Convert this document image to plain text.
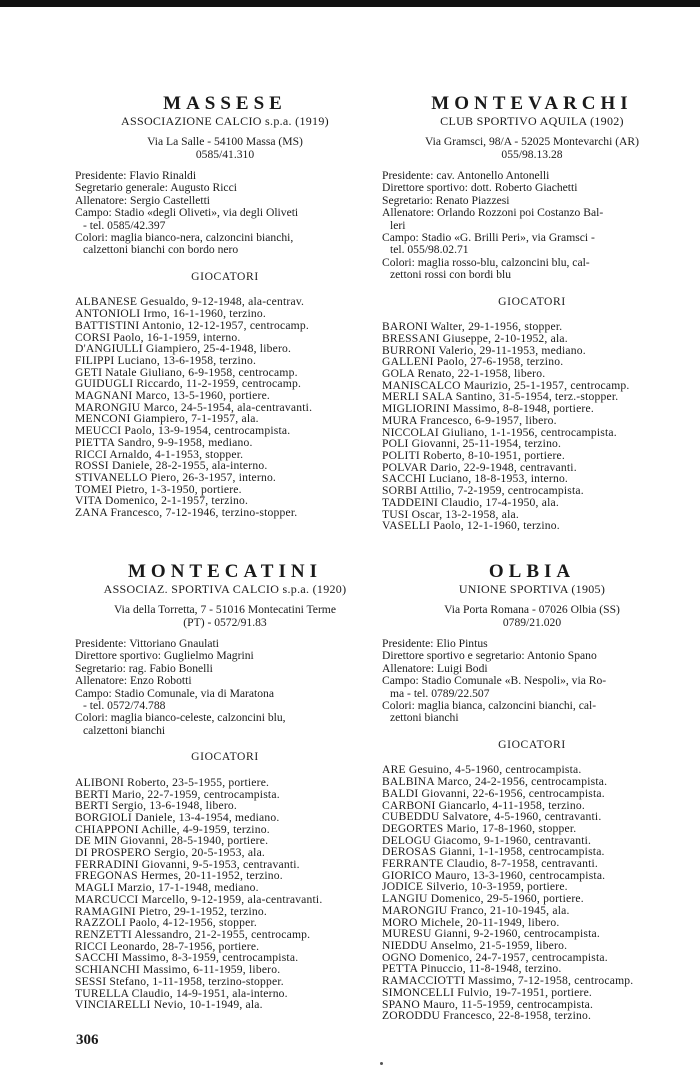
MASSESE
ASSOCIAZIONE CALCIO s.p.a. (1919)
Via La Salle - 54100 Massa (MS)
0585/41.310
Presidente: Flavio Rinaldi
Segretario generale: Augusto Ricci
Allenatore: Sergio Castelletti
Campo: Stadio «degli Oliveti», via degli Oliveti
- tel. 0585/42.397
Colori: maglia bianco-nera, calzoncini bianchi,
calzettoni bianchi con bordo nero
GIOCATORI
ALBANESE Gesualdo, 9-12-1948, ala-centrav.
ANTONIOLI Irmo, 16-1-1960, terzino.
BATTISTINI Antonio, 12-12-1957, centrocamp.
CORSI Paolo, 16-1-1959, interno.
D'ANGIULLI Giampiero, 25-4-1948, libero.
FILIPPI Luciano, 13-6-1958, terzino.
GETI Natale Giuliano, 6-9-1958, centrocamp.
GUIDUGLI Riccardo, 11-2-1959, centrocamp.
MAGNANI Marco, 13-5-1960, portiere.
MARONGIU Marco, 24-5-1954, ala-centravanti.
MENCONI Giampiero, 7-1-1957, ala.
MEUCCI Paolo, 13-9-1954, centrocampista.
PIETTA Sandro, 9-9-1958, mediano.
RICCI Arnaldo, 4-1-1953, stopper.
ROSSI Daniele, 28-2-1955, ala-interno.
STIVANELLO Piero, 26-3-1957, interno.
TOMEI Pietro, 1-3-1950, portiere.
VITA Domenico, 2-1-1957, terzino.
ZANA Francesco, 7-12-1946, terzino-stopper.
MONTEVARCHI
CLUB SPORTIVO AQUILA (1902)
Via Gramsci, 98/A - 52025 Montevarchi (AR)
055/98.13.28
Presidente: cav. Antonello Antonelli
Direttore sportivo: dott. Roberto Giachetti
Segretario: Renato Piazzesi
Allenatore: Orlando Rozzoni poi Costanzo Bal-
leri
Campo: Stadio «G. Brilli Peri», via Gramsci -
tel. 055/98.02.71
Colori: maglia rosso-blu, calzoncini blu, cal-
zettoni rossi con bordi blu
GIOCATORI
BARONI Walter, 29-1-1956, stopper.
BRESSANI Giuseppe, 2-10-1952, ala.
BURRONI Valerio, 29-11-1953, mediano.
GALLENI Paolo, 27-6-1958, terzino.
GOLA Renato, 22-1-1958, libero.
MANISCALCO Maurizio, 25-1-1957, centrocamp.
MERLI SALA Santino, 31-5-1954, terz.-stopper.
MIGLIORINI Massimo, 8-8-1948, portiere.
MURA Francesco, 6-9-1957, libero.
NICCOLAI Giuliano, 1-1-1956, centrocampista.
POLI Giovanni, 25-11-1954, terzino.
POLITI Roberto, 8-10-1951, portiere.
POLVAR Dario, 22-9-1948, centravanti.
SACCHI Luciano, 18-8-1953, interno.
SORBI Attilio, 7-2-1959, centrocampista.
TADDEINI Claudio, 17-4-1950, ala.
TUSI Oscar, 13-2-1958, ala.
VASELLI Paolo, 12-1-1960, terzino.
MONTECATINI
ASSOCIAZ. SPORTIVA CALCIO s.p.a. (1920)
Via della Torretta, 7 - 51016 Montecatini Terme
(PT) - 0572/91.83
Presidente: Vittoriano Gnaulati
Direttore sportivo: Guglielmo Magrini
Segretario: rag. Fabio Bonelli
Allenatore: Enzo Robotti
Campo: Stadio Comunale, via di Maratona
- tel. 0572/74.788
Colori: maglia bianco-celeste, calzoncini blu,
calzettoni bianchi
GIOCATORI
ALIBONI Roberto, 23-5-1955, portiere.
BERTI Mario, 22-7-1959, centrocampista.
BERTI Sergio, 13-6-1948, libero.
BORGIOLI Daniele, 13-4-1954, mediano.
CHIAPPONI Achille, 4-9-1959, terzino.
DE MIN Giovanni, 28-5-1940, portiere.
DI PROSPERO Sergio, 20-5-1953, ala.
FERRADINI Giovanni, 9-5-1953, centravanti.
FREGONAS Hermes, 20-11-1952, terzino.
MAGLI Marzio, 17-1-1948, mediano.
MARCUCCI Marcello, 9-12-1959, ala-centravanti.
RAMAGINI Pietro, 29-1-1952, terzino.
RAZZOLI Paolo, 4-12-1956, stopper.
RENZETTI Alessandro, 21-2-1955, centrocamp.
RICCI Leonardo, 28-7-1956, portiere.
SACCHI Massimo, 8-3-1959, centrocampista.
SCHIANCHI Massimo, 6-11-1959, libero.
SESSI Stefano, 1-11-1958, terzino-stopper.
TURELLA Claudio, 14-9-1951, ala-interno.
VINCIARELLI Nevio, 10-1-1949, ala.
OLBIA
UNIONE SPORTIVA (1905)
Via Porta Romana - 07026 Olbia (SS)
0789/21.020
Presidente: Elio Pintus
Direttore sportivo e segretario: Antonio Spano
Allenatore: Luigi Bodi
Campo: Stadio Comunale «B. Nespoli», via Ro-
ma - tel. 0789/22.507
Colori: maglia bianca, calzoncini bianchi, cal-
zettoni bianchi
GIOCATORI
ARE Gesuino, 4-5-1960, centrocampista.
BALBINA Marco, 24-2-1956, centrocampista.
BALDI Giovanni, 22-6-1956, centrocampista.
CARBONI Giancarlo, 4-11-1958, terzino.
CUBEDDU Salvatore, 4-5-1960, centravanti.
DEGORTES Mario, 17-8-1960, stopper.
DELOGU Giacomo, 9-1-1960, centravanti.
DEROSAS Gianni, 1-1-1958, centrocampista.
FERRANTE Claudio, 8-7-1958, centravanti.
GIORICO Mauro, 13-3-1960, centrocampista.
JODICE Silverio, 10-3-1959, portiere.
LANGIU Domenico, 29-5-1960, portiere.
MARONGIU Franco, 21-10-1945, ala.
MORO Michele, 20-11-1949, libero.
MURESU Gianni, 9-2-1960, centrocampista.
NIEDDU Anselmo, 21-5-1959, libero.
OGNO Domenico, 24-7-1957, centrocampista.
PETTA Pinuccio, 11-8-1948, terzino.
RAMACCIOTTI Massimo, 7-12-1958, centrocamp.
SIMONCELLI Fulvio, 19-7-1951, portiere.
SPANO Mauro, 11-5-1959, centrocampista.
ZORODDU Francesco, 22-8-1958, terzino.
306
